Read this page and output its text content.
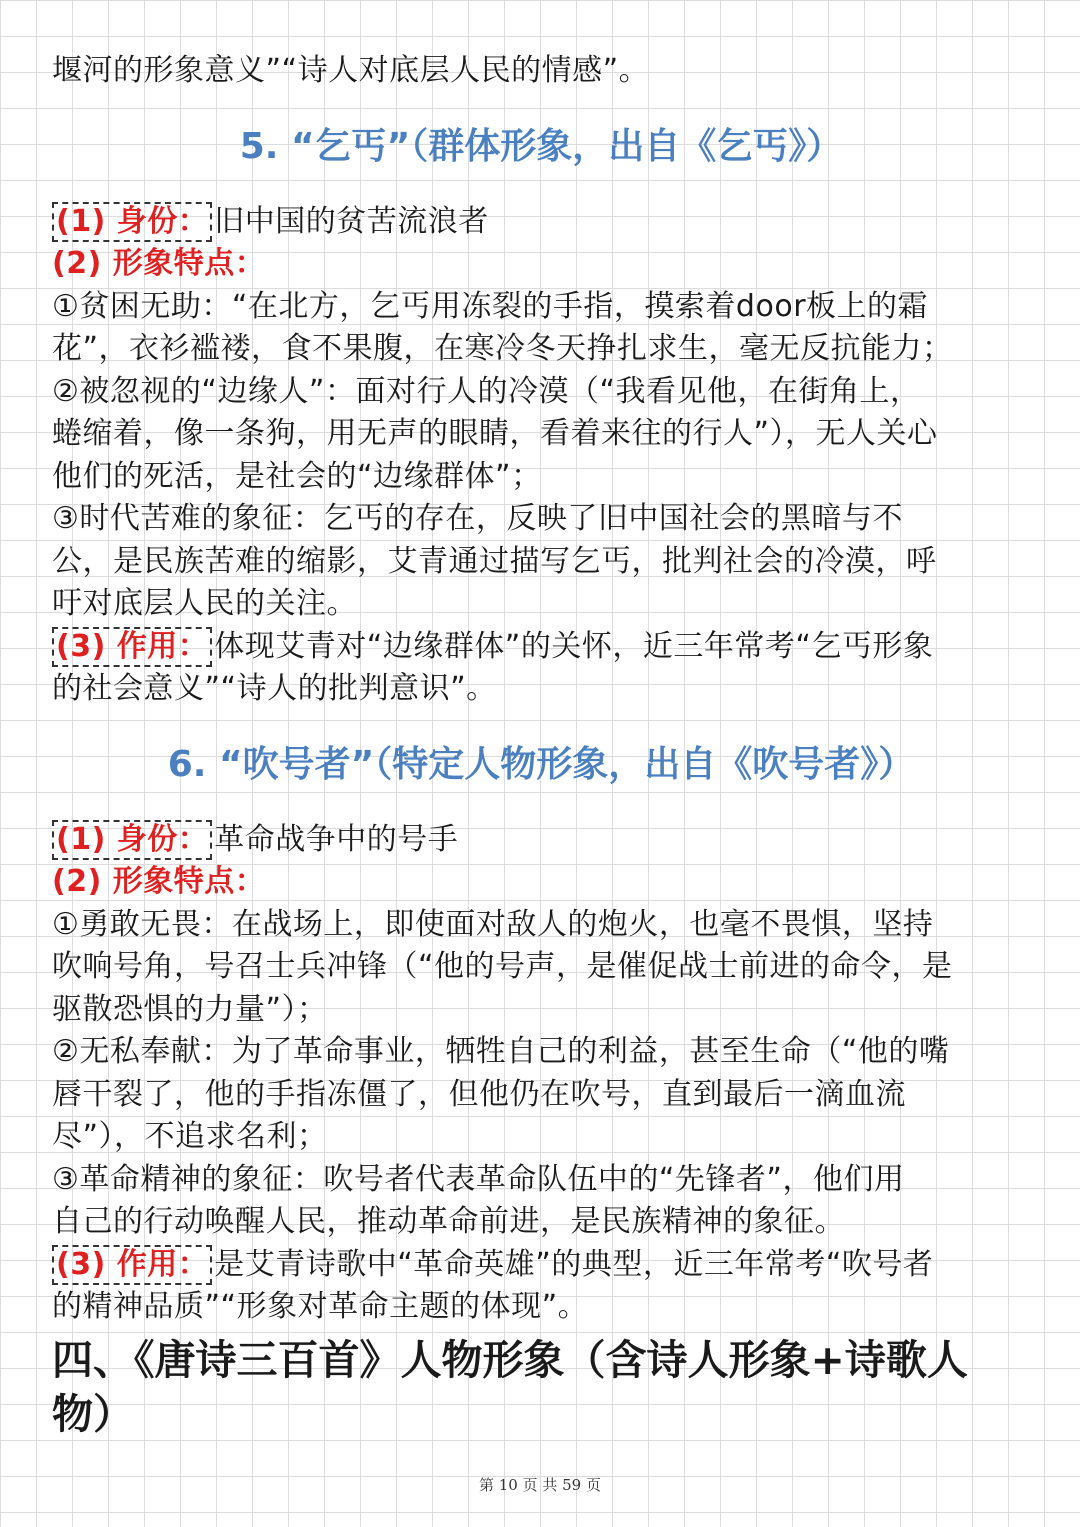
堰河的形象意义”“诗人对底层人民的情感”。
5. “乞丐”（群体形象，出自《乞丐》）
(1) 身份： 旧中国的贫苦流浪者
(2) 形象特点：
①贫困无助：“在北方，乞丐用冻裂的手指，摸索着door板上的霜
花”，衣衫褴褛，食不果腹，在寒冷冬天挣扎求生，毫无反抗能力；
②被忽视的“边缘人”：面对行人的冷漠（“我看见他，在街角上，
蜷缩着，像一条狗，用无声的眼睛，看着来往的行人”），无人关心
他们的死活，是社会的“边缘群体”；
③时代苦难的象征：乞丐的存在，反映了旧中国社会的黑暗与不
公，是民族苦难的缩影，艾青通过描写乞丐，批判社会的冷漠，呼
吁对底层人民的关注。
(3) 作用： 体现艾青对“边缘群体”的关怀，近三年常考“乞丐形象
的社会意义”“诗人的批判意识”。
6. “吹号者”（特定人物形象，出自《吹号者》）
(1) 身份： 革命战争中的号手
(2) 形象特点：
①勇敢无畏：在战场上，即使面对敌人的炮火，也毫不畏惧，坚持
吹响号角，号召士兵冲锋（“他的号声，是催促战士前进的命令，是
驱散恐惧的力量”）；
②无私奉献：为了革命事业，牺牲自己的利益，甚至生命（“他的嘴
唇干裂了，他的手指冻僵了，但他仍在吹号，直到最后一滴血流
尽”），不追求名利；
③革命精神的象征：吹号者代表革命队伍中的“先锋者”，他们用
自己的行动唤醒人民，推动革命前进，是民族精神的象征。
(3) 作用： 是艾青诗歌中“革命英雄”的典型，近三年常考“吹号者
的精神品质”“形象对革命主题的体现”。
四、《唐诗三百首》人物形象（含诗人形象+诗歌人
物）
第 10 页 共 59 页
